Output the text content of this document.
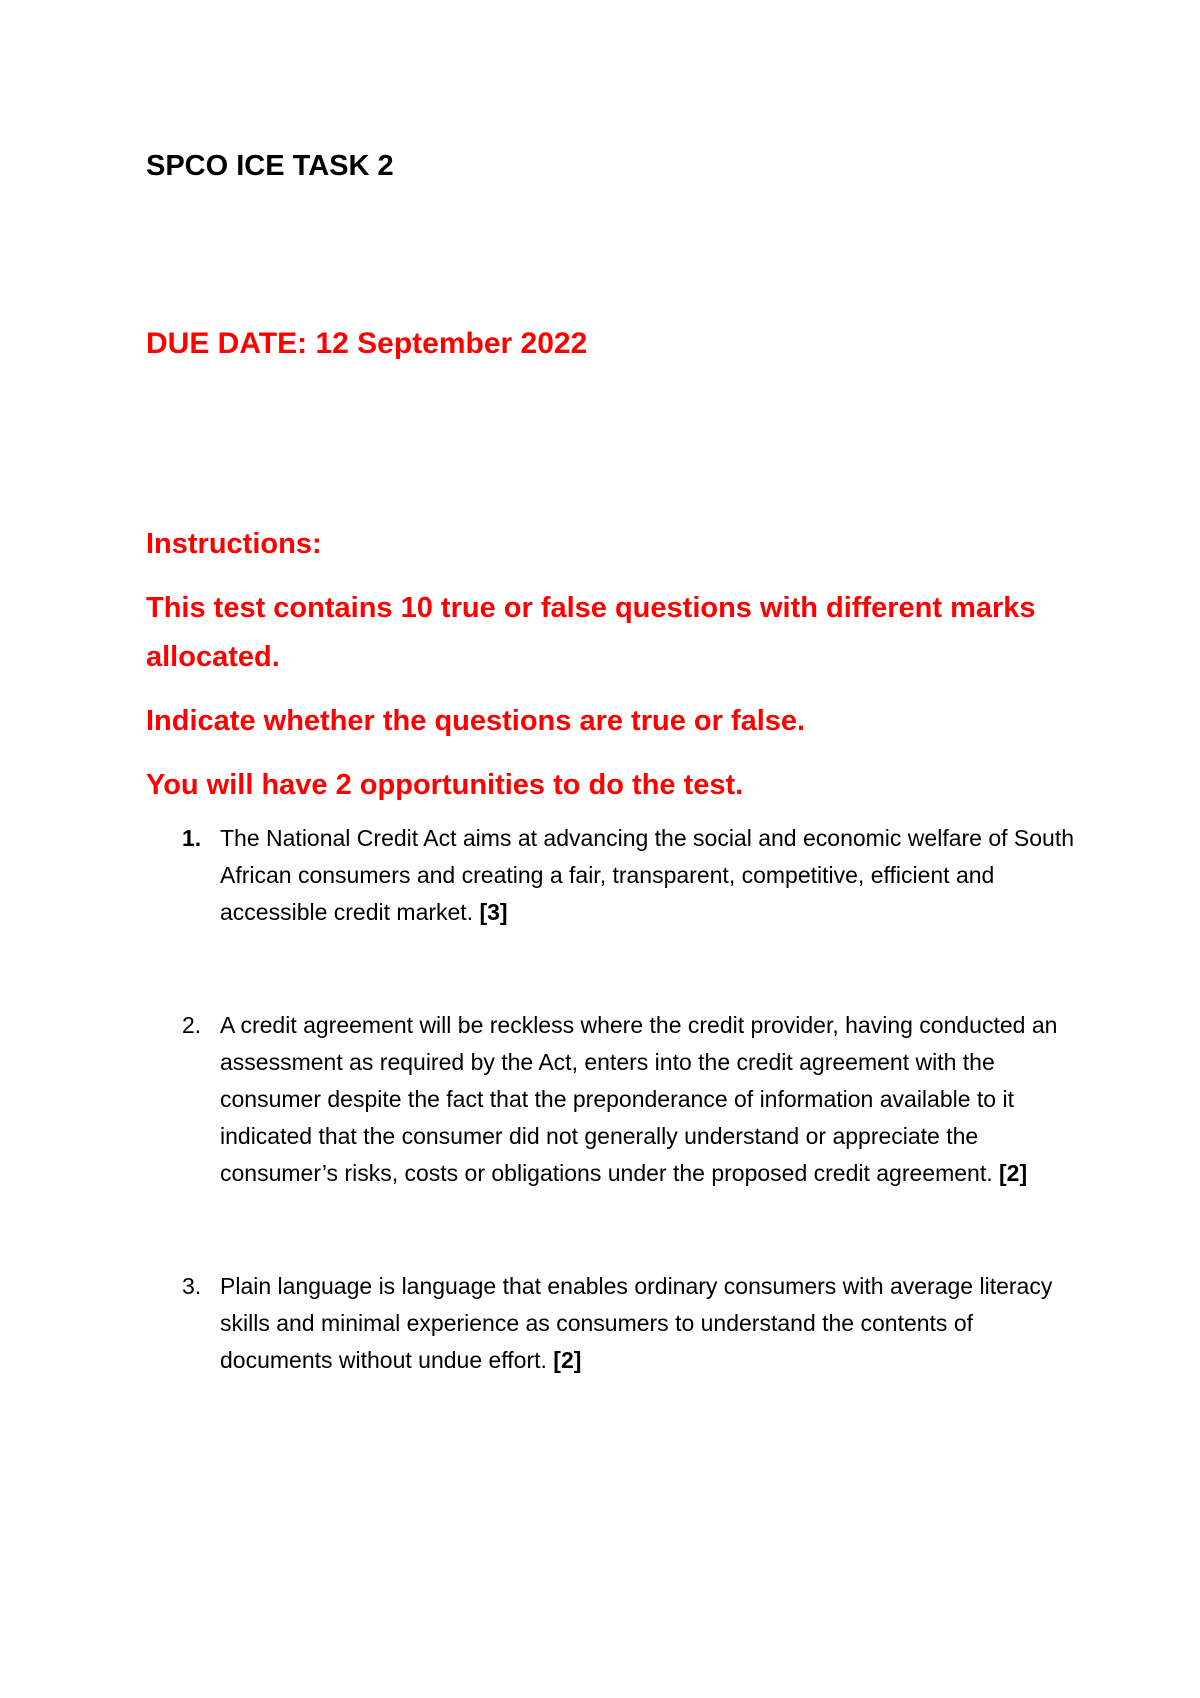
SPCO ICE TASK 2
DUE DATE: 12 September 2022

Instructions:

This test contains 10 true or false questions with different marks allocated.

Indicate whether the questions are true or false.

You will have 2 opportunities to do the test.

1. The National Credit Act aims at advancing the social and economic welfare of South African consumers and creating a fair, transparent, competitive, efficient and accessible credit market. [3]
2. A credit agreement will be reckless where the credit provider, having conducted an assessment as required by the Act, enters into the credit agreement with the consumer despite the fact that the preponderance of information available to it indicated that the consumer did not generally understand or appreciate the consumer’s risks, costs or obligations under the proposed credit agreement. [2]
3. Plain language is language that enables ordinary consumers with average literacy skills and minimal experience as consumers to understand the contents of documents without undue effort. [2]
